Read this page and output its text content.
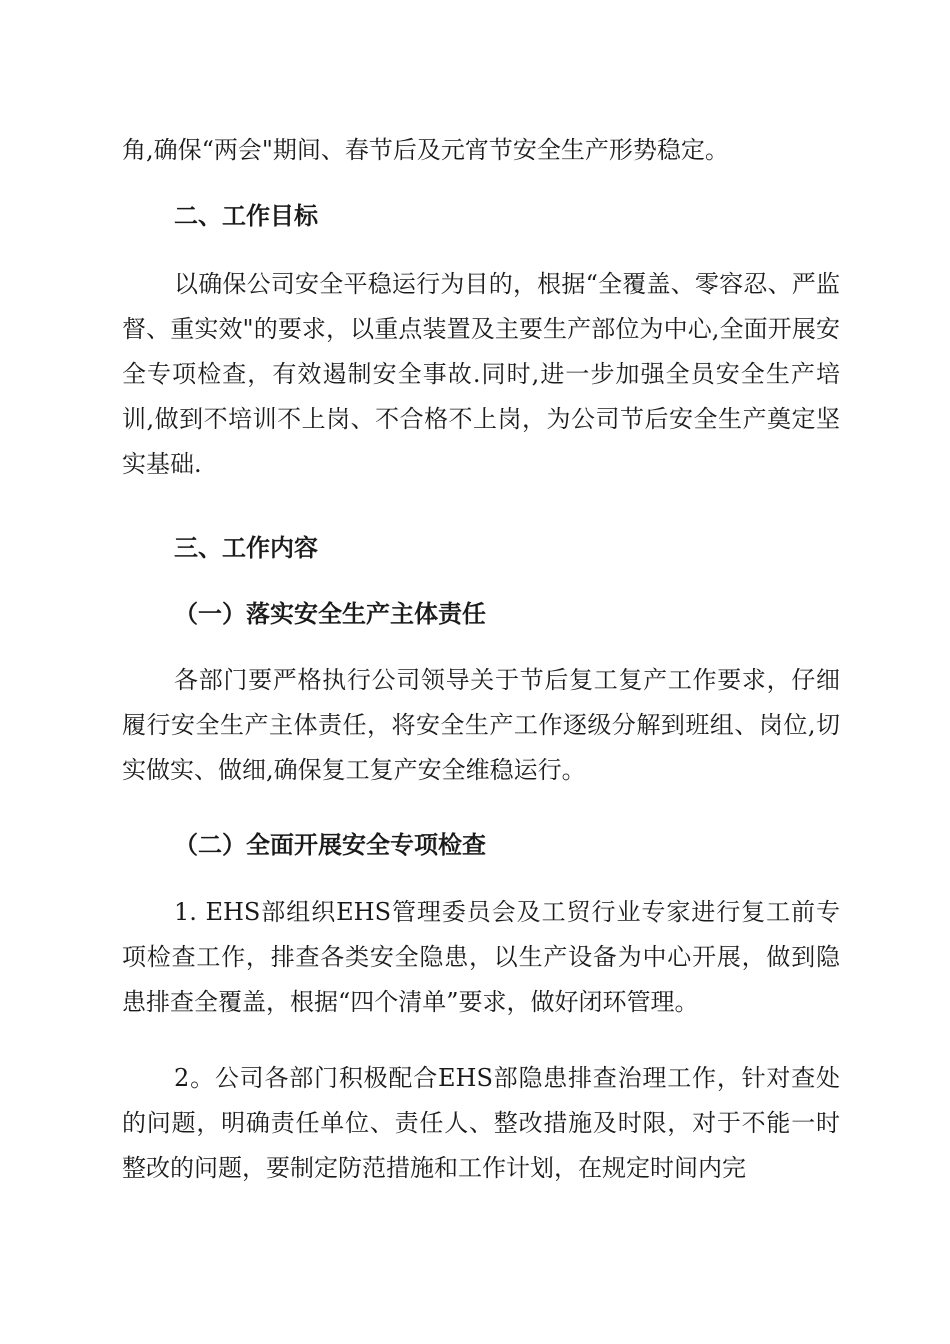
角,确保“两会"期间、春节后及元宵节安全生产形势稳定。

二、工作目标

以确保公司安全平稳运行为目的，根据“全覆盖、零容忍、严监督、重实效"的要求，以重点装置及主要生产部位为中心,全面开展安全专项检查，有效遏制安全事故.同时,进一步加强全员安全生产培训,做到不培训不上岗、不合格不上岗，为公司节后安全生产奠定坚实基础.

三、工作内容

（一）落实安全生产主体责任

各部门要严格执行公司领导关于节后复工复产工作要求，仔细履行安全生产主体责任，将安全生产工作逐级分解到班组、岗位,切实做实、做细,确保复工复产安全维稳运行。

（二）全面开展安全专项检查

1. EHS部组织EHS管理委员会及工贸行业专家进行复工前专项检查工作，排查各类安全隐患，以生产设备为中心开展，做到隐患排查全覆盖，根据“四个清单”要求，做好闭环管理。

2。公司各部门积极配合EHS部隐患排查治理工作，针对查处的问题，明确责任单位、责任人、整改措施及时限，对于不能一时整改的问题，要制定防范措施和工作计划，在规定时间内完
